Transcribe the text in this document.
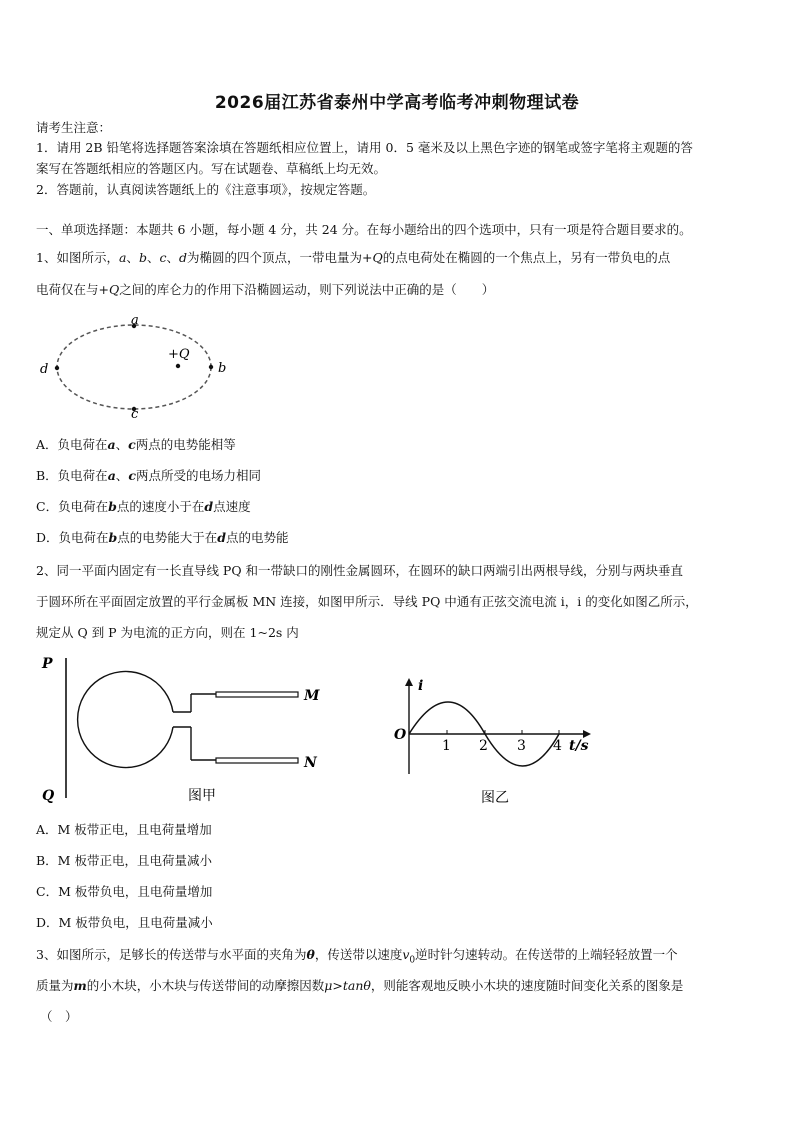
2026届江苏省泰州中学高考临考冲刺物理试卷
请考生注意：
1．请用 2B 铅笔将选择题答案涂填在答题纸相应位置上，请用 0．5 毫米及以上黑色字迹的钢笔或签字笔将主观题的答
案写在答题纸相应的答题区内。写在试题卷、草稿纸上均无效。
2．答题前，认真阅读答题纸上的《注意事项》，按规定答题。
一、单项选择题：本题共 6 小题，每小题 4 分，共 24 分。在每小题给出的四个选项中，只有一项是符合题目要求的。
1、如图所示，a、b、c、d为椭圆的四个顶点，一带电量为+Q的点电荷处在椭圆的一个焦点上，另有一带负电的点
电荷仅在与+Q之间的库仑力的作用下沿椭圆运动，则下列说法中正确的是（　　）
a
b
c
d
+Q
A．负电荷在a、c两点的电势能相等
B．负电荷在a、c两点所受的电场力相同
C．负电荷在b点的速度小于在d点速度
D．负电荷在b点的电势能大于在d点的电势能
2、同一平面内固定有一长直导线 PQ 和一带缺口的刚性金属圆环，在圆环的缺口两端引出两根导线，分别与两块垂直
于圆环所在平面固定放置的平行金属板 MN 连接，如图甲所示．导线 PQ 中通有正弦交流电流 i，i 的变化如图乙所示，
规定从 Q 到 P 为电流的正方向，则在 1~2s 内
P
Q
M
N
图甲
i
O
1 2 3 4 t/s
图乙
A．M 板带正电，且电荷量增加
B．M 板带正电，且电荷量减小
C．M 板带负电，且电荷量增加
D．M 板带负电，且电荷量减小
3、如图所示，足够长的传送带与水平面的夹角为θ，传送带以速度$v_0$逆时针匀速转动。在传送带的上端轻轻放置一个
质量为m的小木块，小木块与传送带间的动摩擦因数μ>tanθ，则能客观地反映小木块的速度随时间变化关系的图象是
（　）
